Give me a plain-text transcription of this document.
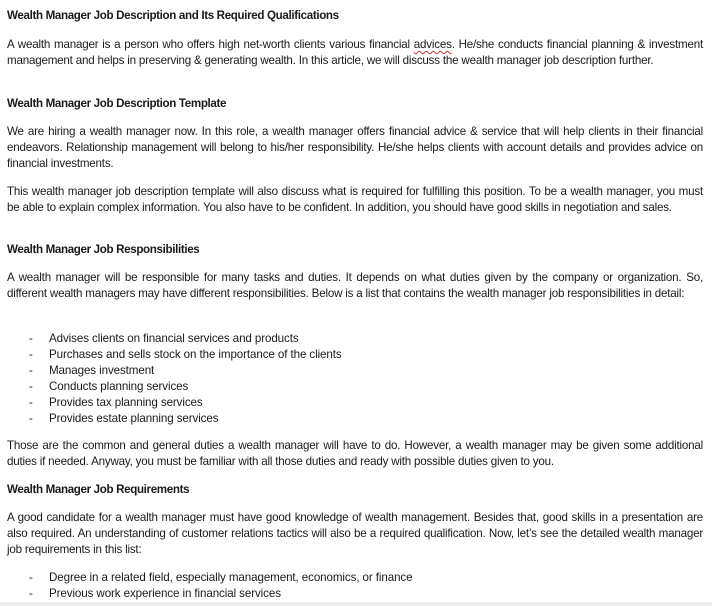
Wealth Manager Job Description and Its Required Qualifications

A wealth manager is a person who offers high net-worth clients various financial advices. He/she conducts financial planning & investment management and helps in preserving & generating wealth. In this article, we will discuss the wealth manager job description further.

Wealth Manager Job Description Template

We are hiring a wealth manager now. In this role, a wealth manager offers financial advice & service that will help clients in their financial endeavors. Relationship management will belong to his/her responsibility. He/she helps clients with account details and provides advice on financial investments.

This wealth manager job description template will also discuss what is required for fulfilling this position. To be a wealth manager, you must be able to explain complex information. You also have to be confident. In addition, you should have good skills in negotiation and sales.

Wealth Manager Job Responsibilities

A wealth manager will be responsible for many tasks and duties. It depends on what duties given by the company or organization. So, different wealth managers may have different responsibilities. Below is a list that contains the wealth manager job responsibilities in detail:

- Advises clients on financial services and products
- Purchases and sells stock on the importance of the clients
- Manages investment
- Conducts planning services
- Provides tax planning services
- Provides estate planning services

Those are the common and general duties a wealth manager will have to do. However, a wealth manager may be given some additional duties if needed. Anyway, you must be familiar with all those duties and ready with possible duties given to you.

Wealth Manager Job Requirements

A good candidate for a wealth manager must have good knowledge of wealth management. Besides that, good skills in a presentation are also required. An understanding of customer relations tactics will also be a required qualification. Now, let’s see the detailed wealth manager job requirements in this list:

- Degree in a related field, especially management, economics, or finance
- Previous work experience in financial services
